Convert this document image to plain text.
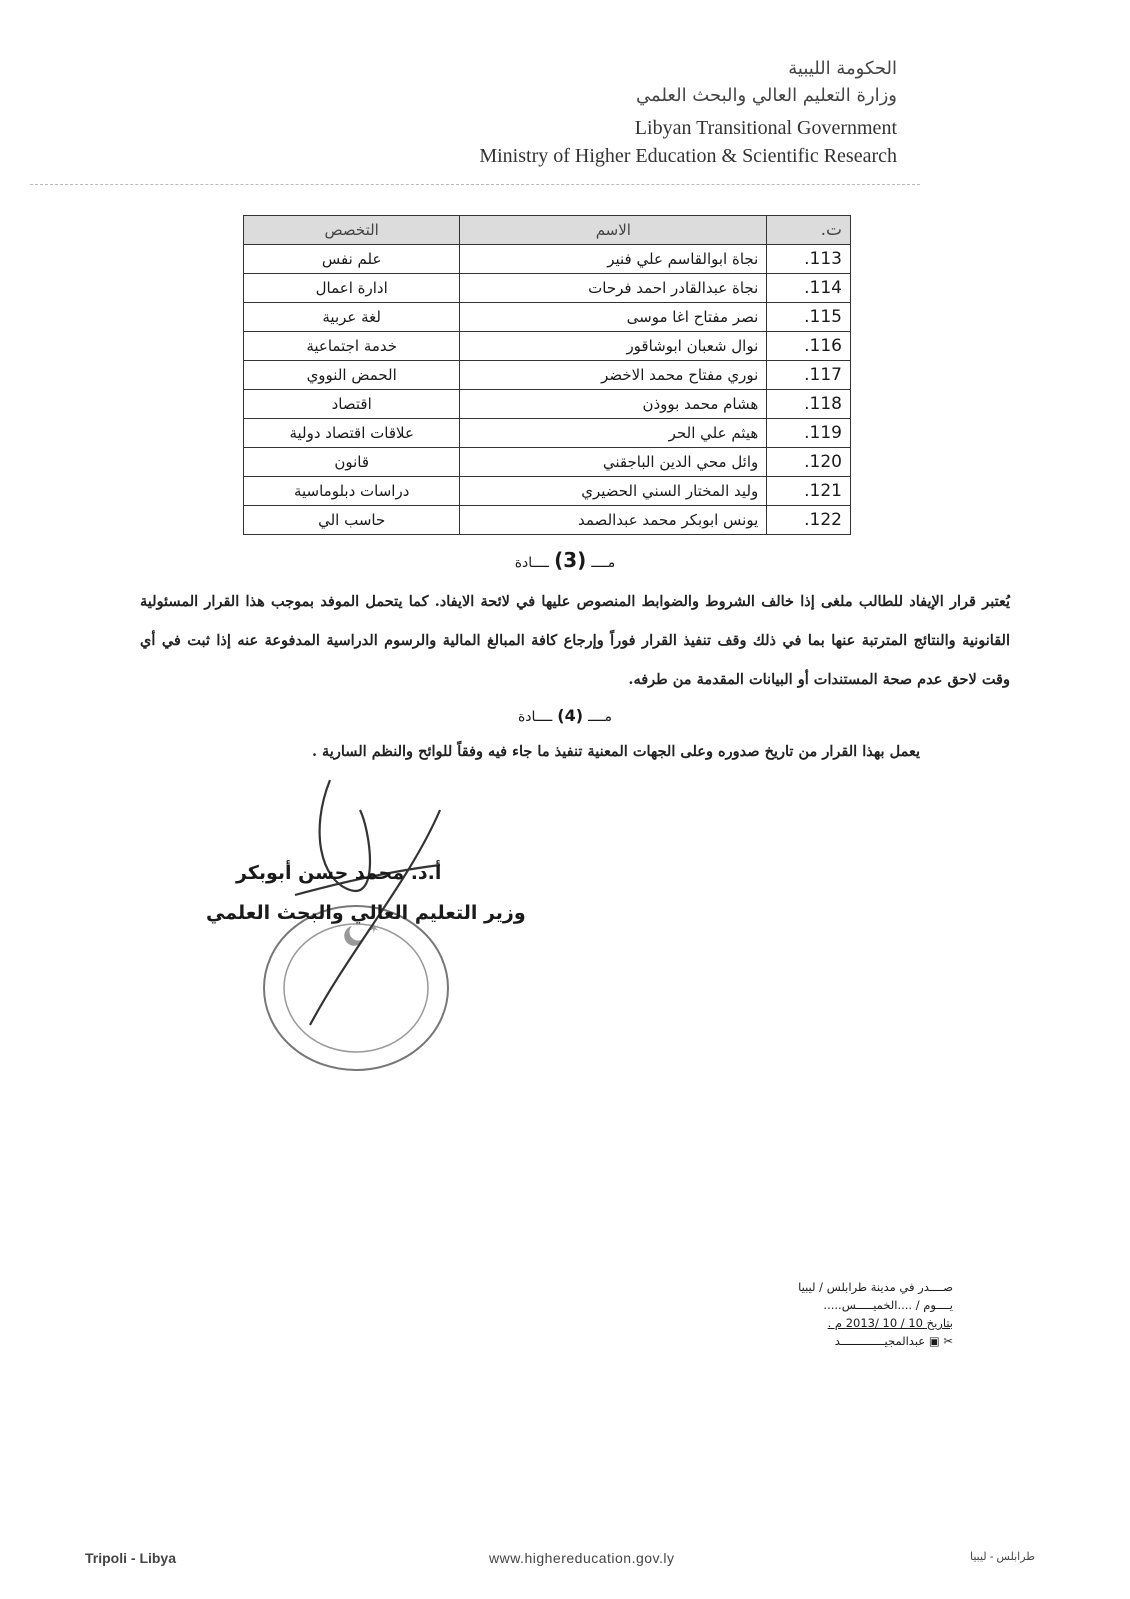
الحكومة الليبية
وزارة التعليم العالي والبحث العلمي
Libyan Transitional Government
Ministry of Higher Education & Scientific Research
ت.	الاسم	التخصص
113.	نجاة ابوالقاسم علي فنير	علم نفس
114.	نجاة عبدالقادر احمد فرحات	ادارة اعمال
115.	نصر مفتاح اغا موسى	لغة عربية
116.	نوال شعبان ابوشاقور	خدمة اجتماعية
117.	نوري مفتاح محمد الاخضر	الحمض النووي
118.	هشام محمد بووذن	اقتصاد
119.	هيثم علي الحر	علاقات اقتصاد دولية
120.	وائل محي الدين الباجقني	قانون
121.	وليد المختار السني الحضيري	دراسات دبلوماسية
122.	يونس ابوبكر محمد عبدالصمد	حاسب الي
مــــ (3) ــــادة
يُعتبر قرار الإيفاد للطالب ملغى إذا خالف الشروط والضوابط المنصوص عليها في لائحة الايفاد. كما يتحمل الموفد بموجب هذا القرار المسئولية القانونية والنتائج المترتبة عنها بما في ذلك وقف تنفيذ القرار فوراً وإرجاع كافة المبالغ المالية والرسوم الدراسية المدفوعة عنه إذا ثبت في أي وقت لاحق عدم صحة المستندات أو البيانات المقدمة من طرفه.
مــــ (4) ــــادة
يعمل بهذا القرار من تاريخ صدوره وعلى الجهات المعنية تنفيذ ما جاء فيه وفقاً للوائح والنظم السارية .
✶
أ.د. محمد حسن أبوبكر
وزير التعليم العالي والبحث العلمي
صــــدر في مدينة طرابلس / ليبيا
يــــوم / ....الخميـــــس.....
بتاريخ 10 / 10 /2013 م .
✂ ▣ عبدالمجيـــــــــــــد
Tripoli - Libya	www.highereducation.gov.ly	طرابلس - ليبيا
